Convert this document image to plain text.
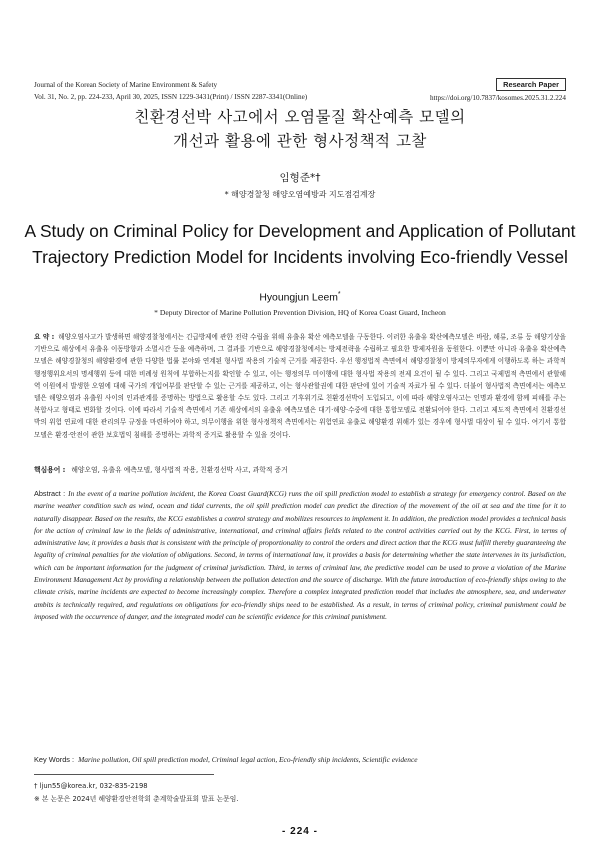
Journal of the Korean Society of Marine Environment & Safety
Vol. 31, No. 2, pp. 224-233, April 30, 2025, ISSN 1229-3431(Print) / ISSN 2287-3341(Online)
Research Paper
https://doi.org/10.7837/kosomes.2025.31.2.224
친환경선박 사고에서 오염물질 확산예측 모델의
개선과 활용에 관한 형사정책적 고찰
임형준*†
* 해양경찰청 해양오염예방과 지도점검계장
A Study on Criminal Policy for Development and Application of Pollutant
Trajectory Prediction Model for Incidents involving Eco-friendly Vessel
Hyoungjun Leem*
* Deputy Director of Marine Pollution Prevention Division, HQ of Korea Coast Guard, Incheon
요 약 : 해양오염사고가 발생하면 해양경찰청에서는 긴급방제에 관한 전략 수립을 위해 유출유 확산 예측모델을 구동한다. 이러한 유출유 확산예측모델은 바람, 해류, 조류 등 해양기상을 기반으로 해상에서 유출유 이동방향과 소멸시간 등을 예측하며, 그 결과를 기반으로 해양경찰청에서는 방제전략을 수립하고 필요한 방제자원을 동원한다. 이뿐만 아니라 유출유 확산예측모델은 해양경찰청의 해양환경에 관한 다양한 법률 분야와 연계된 형사법 작용의 기술적 근거를 제공한다. 우선 행정법적 측면에서 해양경찰청이 방제의무자에게 이행하도록 하는 과학적 행정행위요서의 명세행위 등에 대한 비례성 원칙에 부합하는지를 확인할 수 있고, 이는 행정의무 미이행에 대한 형사법 작용의 전제 요건이 될 수 있다. 그리고 국제법적 측면에서 관할해역 이원에서 발생한 오염에 대해 국가의 개입여부를 판단할 수 있는 근거를 제공하고, 이는 형사관할권에 대한 판단에 있어 기술적 자료가 될 수 있다. 더불어 형사법적 측면에서는 예측모델은 해양오염과 유출원 사이의 인과관계를 증명하는 방법으로 활용할 수도 있다. 그리고 기후위기로 친환경선박이 도입되고, 이에 따라 해양오염사고는 인명과 환경에 함께 피해를 주는 복합사고 형태로 변화할 것이다. 이에 따라서 기술적 측면에서 기존 해상에서의 유출유 예측모델은 대기·해양·수중에 대한 통합모델로 전환되어야 한다. 그리고 제도적 측면에서 친환경선박의 위험 연료에 대한 관리의무 규정을 마련하여야 하고, 의무이행을 위한 형사정책적 측면에서는 위험연료 유출로 해양환경 위해가 있는 경우에 형사벌 대상이 될 수 있다. 여기서 통합모델은 환경·안전이 관한 보호법익 침해를 증명하는 과학적 증거로 활용할 수 있을 것이다.
핵심용어 : 해양오염, 유출유 예측모델, 형사법적 작용, 친환경선박 사고, 과학적 증거
Abstract : In the event of a marine pollution incident, the Korea Coast Guard(KCG) runs the oil spill prediction model to establish a strategy for emergency control. Based on the marine weather condition such as wind, ocean and tidal currents, the oil spill prediction model can predict the direction of the movement of the oil at sea and the time for it to naturally disappear. Based on the results, the KCG establishes a control strategy and mobilizes resources to implement it. In addition, the prediction model provides a technical basis for the action of criminal law in the fields of administrative, international, and criminal affairs fields related to the control activities carried out by the KCG. First, in terms of administrative law, it provides a basis that is consistent with the principle of proportionality to control the orders and direct action that the KCG must fulfill thereby guaranteeing the legality of criminal penalties for the violation of obligations. Second, in terms of international law, it provides a basis for determining whether the state intervenes in its jurisdiction, which can be important information for the judgment of criminal jurisdiction. Third, in terms of criminal law, the predictive model can be used to prove a violation of the Marine Environment Management Act by providing a relationship between the pollution detection and the source of discharge. With the future introduction of eco-friendly ships owing to the climate crisis, marine incidents are expected to become increasingly complex. Therefore a complex integrated prediction model that includes the atmosphere, sea, and underwater ambits is technically required, and regulations on obligations for eco-friendly ships need to be established. As a result, in terms of criminal policy, criminal punishment could be imposed with the occurrence of danger, and the integrated model can be scientific evidence for this criminal punishment.
Key Words : Marine pollution, Oil spill prediction model, Criminal legal action, Eco-friendly ship incidents, Scientific evidence
† ljun55@korea.kr, 032-835-2198
※ 본 논문은 2024년 해양환경안전학회 춘계학술발표회 발표 논문임.
- 224 -
